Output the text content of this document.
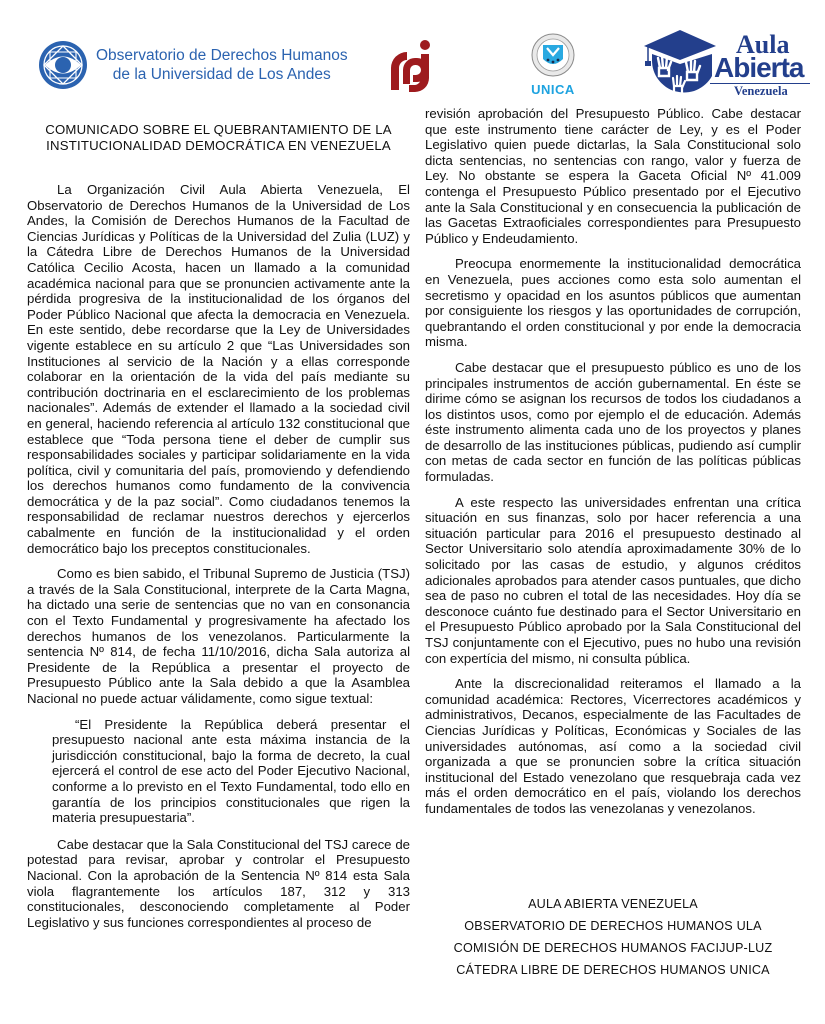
Observatorio de Derechos Humanos
de la Universidad de Los Andes
UNICA
Aula
Abierta
Venezuela
COMUNICADO SOBRE EL QUEBRANTAMIENTO DE LA
INSTITUCIONALIDAD DEMOCRÁTICA EN VENEZUELA

La Organización Civil Aula Abierta Venezuela, El Observatorio de Derechos Humanos de la Universidad de Los Andes, la Comisión de Derechos Humanos de la Facultad de Ciencias Jurídicas y Políticas de la Universidad del Zulia (LUZ) y la Cátedra Libre de Derechos Humanos de la Universidad Católica Cecilio Acosta, hacen un llamado a la comunidad académica nacional para que se pronuncien activamente ante la pérdida progresiva de la institucionalidad de los órganos del Poder Público Nacional que afecta la democracia en Venezuela. En este sentido, debe recordarse que la Ley de Universidades vigente establece en su artículo 2 que “Las Universidades son Instituciones al servicio de la Nación y a ellas corresponde colaborar en la orientación de la vida del país mediante su contribución doctrinaria en el esclarecimiento de los problemas nacionales”. Además de extender el llamado a la sociedad civil en general, haciendo referencia al artículo 132 constitucional que establece que “Toda persona tiene el deber de cumplir sus responsabilidades sociales y participar solidariamente en la vida política, civil y comunitaria del país, promoviendo y defendiendo los derechos humanos como fundamento de la convivencia democrática y de la paz social”. Como ciudadanos tenemos la responsabilidad de reclamar nuestros derechos y ejercerlos cabalmente en función de la institucionalidad y el orden democrático bajo los preceptos constitucionales.

Como es bien sabido, el Tribunal Supremo de Justicia (TSJ) a través de la Sala Constitucional, interprete de la Carta Magna, ha dictado una serie de sentencias que no van en consonancia con el Texto Fundamental y progresivamente ha afectado los derechos humanos de los venezolanos. Particularmente la sentencia Nº 814, de fecha 11/10/2016, dicha Sala autoriza al Presidente de la República a presentar el proyecto de Presupuesto Público ante la Sala debido a que la Asamblea Nacional no puede actuar válidamente, como sigue textual:

“El Presidente la República deberá presentar el presupuesto nacional ante esta máxima instancia de la jurisdicción constitucional, bajo la forma de decreto, la cual ejercerá el control de ese acto del Poder Ejecutivo Nacional, conforme a lo previsto en el Texto Fundamental, todo ello en garantía de los principios constitucionales que rigen la materia presupuestaria”.

Cabe destacar que la Sala Constitucional del TSJ carece de potestad para revisar, aprobar y controlar el Presupuesto Nacional. Con la aprobación de la Sentencia Nº 814 esta Sala viola flagrantemente los artículos 187, 312 y 313 constitucionales, desconociendo completamente al Poder Legislativo y sus funciones correspondientes al proceso de

revisión aprobación del Presupuesto Público. Cabe destacar que este instrumento tiene carácter de Ley, y es el Poder Legislativo quien puede dictarlas, la Sala Constitucional solo dicta sentencias, no sentencias con rango, valor y fuerza de Ley. No obstante se espera la Gaceta Oficial Nº 41.009 contenga el Presupuesto Público presentado por el Ejecutivo ante la Sala Constitucional y en consecuencia la publicación de las Gacetas Extraoficiales correspondientes para Presupuesto Público y Endeudamiento.

Preocupa enormemente la institucionalidad democrática en Venezuela, pues acciones como esta solo aumentan el secretismo y opacidad en los asuntos públicos que aumentan por consiguiente los riesgos y las oportunidades de corrupción, quebrantando el orden constitucional y por ende la democracia misma.

Cabe destacar que el presupuesto público es uno de los principales instrumentos de acción gubernamental. En éste se dirime cómo se asignan los recursos de todos los ciudadanos a los distintos usos, como por ejemplo el de educación. Además éste instrumento alimenta cada uno de los proyectos y planes de desarrollo de las instituciones públicas, pudiendo así cumplir con metas de cada sector en función de las políticas públicas formuladas.

A este respecto las universidades enfrentan una crítica situación en sus finanzas, solo por hacer referencia a una situación particular para 2016 el presupuesto destinado al Sector Universitario solo atendía aproximadamente 30% de lo solicitado por las casas de estudio, y algunos créditos adicionales aprobados para atender casos puntuales, que dicho sea de paso no cubren el total de las necesidades. Hoy día se desconoce cuánto fue destinado para el Sector Universitario en el Presupuesto Público aprobado por la Sala Constitucional del TSJ conjuntamente con el Ejecutivo, pues no hubo una revisión con expertícia del mismo, ni consulta pública.

Ante la discrecionalidad reiteramos el llamado a la comunidad académica: Rectores, Vicerrectores académicos y administrativos, Decanos, especialmente de las Facultades de Ciencias Jurídicas y Políticas, Económicas y Sociales de las universidades autónomas, así como a la sociedad civil organizada a que se pronuncien sobre la crítica situación institucional del Estado venezolano que resquebraja cada vez más el orden democrático en el país, violando los derechos fundamentales de todos las venezolanas y venezolanos.

AULA ABIERTA VENEZUELA
OBSERVATORIO DE DERECHOS HUMANOS ULA
COMISIÓN DE DERECHOS HUMANOS FACIJUP-LUZ
CÁTEDRA LIBRE DE DERECHOS HUMANOS UNICA
